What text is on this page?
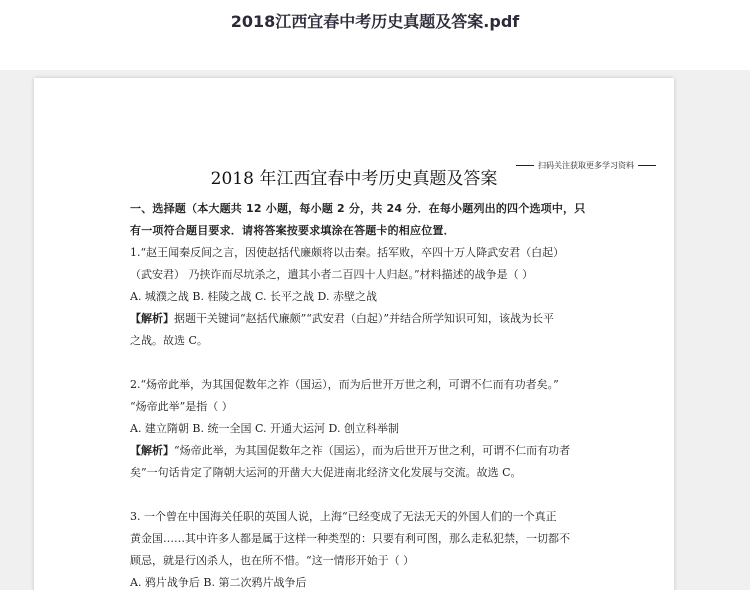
2018江西宜春中考历史真题及答案.pdf
扫码关注获取更多学习资料
2018 年江西宜春中考历史真题及答案

一、选择题（本大题共 12 小题，每小题 2 分，共 24 分．在每小题列出的四个选项中，只

有一项符合题目要求．请将答案按要求填涂在答题卡的相应位置．

1.“赵王闻秦反间之言，因使赵括代廉颇将以击秦。括军败，卒四十万人降武安君（白起）

（武安君） 乃挟诈而尽坑杀之，遣其小者二百四十人归赵。”材料描述的战争是（ ）

A. 城濮之战 B. 桂陵之战 C. 长平之战 D. 赤壁之战

【解析】据题干关键词“赵括代廉颇”“武安君（白起）”并结合所学知识可知，该战为长平

之战。故选 C。

2.“炀帝此举，为其国促数年之祚（国运），而为后世开万世之利，可谓不仁而有功者矣。”

“炀帝此举”是指（ ）

A. 建立隋朝 B. 统一全国 C. 开通大运河 D. 创立科举制

【解析】“炀帝此举，为其国促数年之祚（国运），而为后世开万世之利，可谓不仁而有功者

矣”一句话肯定了隋朝大运河的开凿大大促进南北经济文化发展与交流。故选 C。

3. 一个曾在中国海关任职的英国人说，上海“已经变成了无法无天的外国人们的一个真正

黄金国……其中许多人都是属于这样一种类型的：只要有利可图，那么走私犯禁，一切都不

顾忌，就是行凶杀人，也在所不惜。“这一情形开始于（ ）

A. 鸦片战争后 B. 第二次鸦片战争后
